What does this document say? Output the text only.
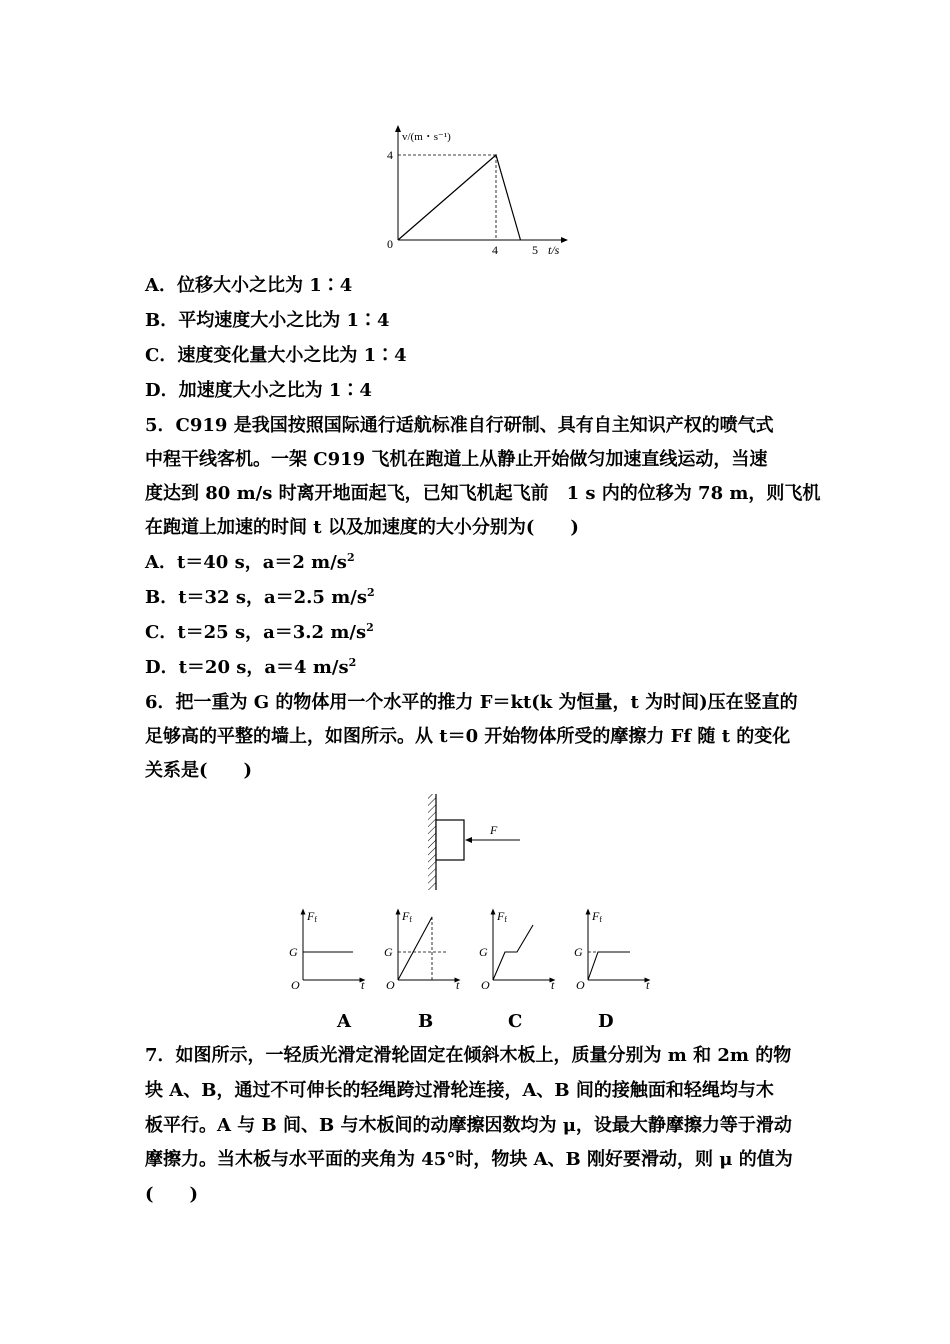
v/(m・s⁻¹)
4
0	4	5 t/s
A．位移大小之比为 1∶4
B．平均速度大小之比为 1∶4
C．速度变化量大小之比为 1∶4
D．加速度大小之比为 1∶4
5．C919 是我国按照国际通行适航标准自行研制、具有自主知识产权的喷气式
中程干线客机。一架 C919 飞机在跑道上从静止开始做匀加速直线运动，当速
度达到 80 m/s 时离开地面起飞，已知飞机起飞前　1 s 内的位移为 78 m，则飞机
在跑道上加速的时间 t 以及加速度的大小分别为(　　)
A．t＝40 s，a＝2 $m/s^2$
B．t＝32 s，a＝2.5 $m/s^2$
C．t＝25 s，a＝3.2 $m/s^2$
D．t＝20 s，a＝4 $m/s^2$
6．把一重为 G 的物体用一个水平的推力 F＝kt(k 为恒量，t 为时间)压在竖直的
足够高的平整的墙上，如图所示。从 t＝0 开始物体所受的摩擦力 Ff 随 t 的变化
关系是(　　)
F
Ff
G
O	t
Ff
G
O	t
Ff
G
O	t
Ff
G
O	t
A	B	C	D
7．如图所示，一轻质光滑定滑轮固定在倾斜木板上，质量分别为 m 和 2m 的物
块 A、B，通过不可伸长的轻绳跨过滑轮连接，A、B 间的接触面和轻绳均与木
板平行。A 与 B 间、B 与木板间的动摩擦因数均为 μ，设最大静摩擦力等于滑动
摩擦力。当木板与水平面的夹角为 45°时，物块 A、B 刚好要滑动，则 μ 的值为
(　　)
